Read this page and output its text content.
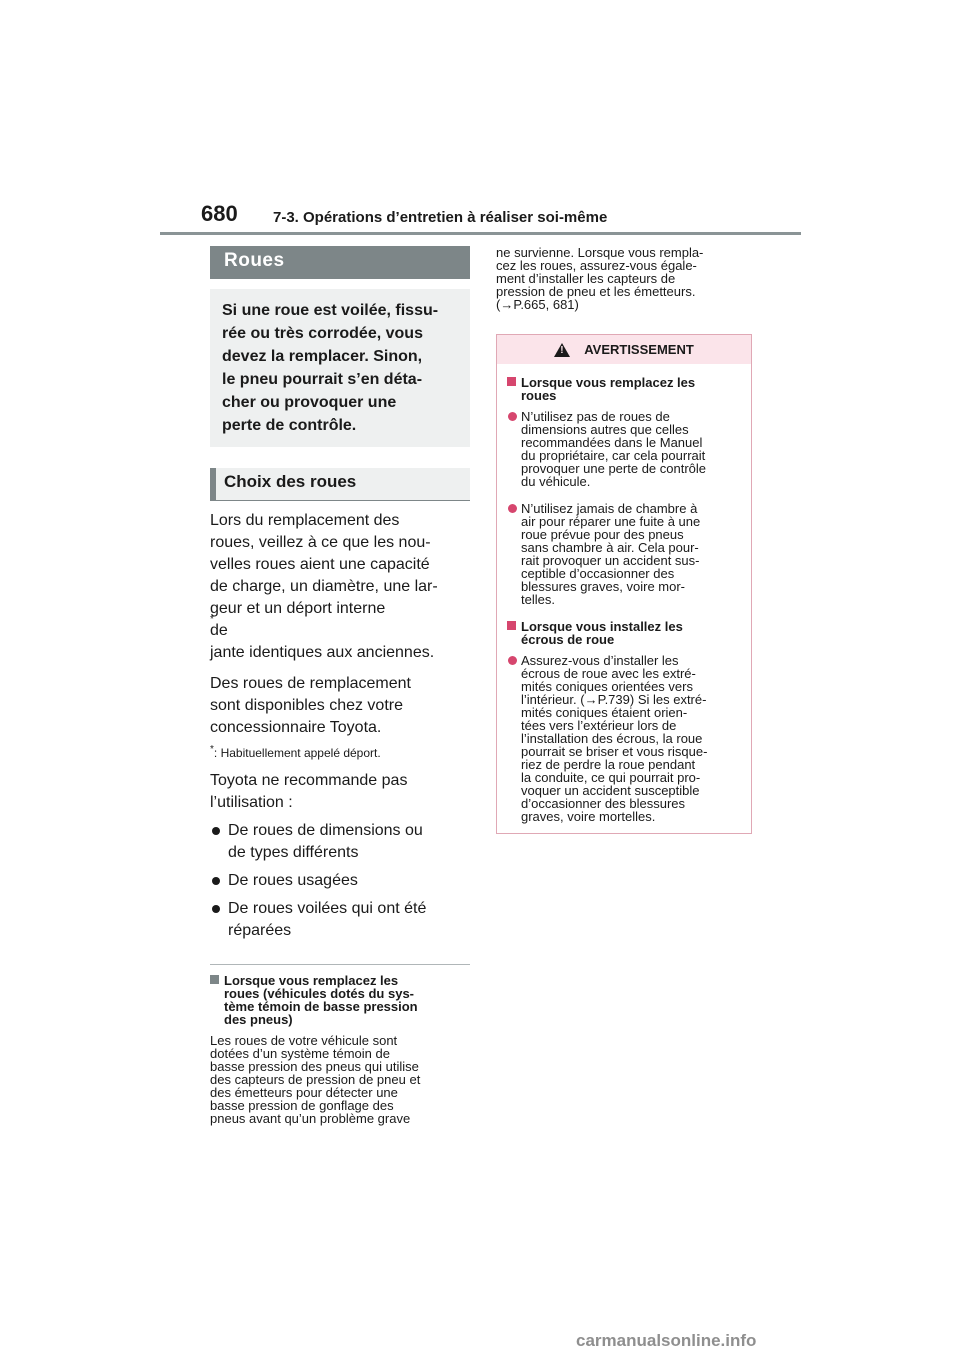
680 7-3. Opérations d’entretien à réaliser soi-même
Roues
Si une roue est voilée, fissu-
rée ou très corrodée, vous
devez la remplacer. Sinon,
le pneu pourrait s’en déta-
cher ou provoquer une
perte de contrôle.
Choix des roues
Lors du remplacement des
roues, veillez à ce que les nou-
velles roues aient une capacité
de charge, un diamètre, une lar-
geur et un déport interne
*
de
jante identiques aux anciennes.
Des roues de remplacement
sont disponibles chez votre
concessionnaire Toyota.
*: Habituellement appelé déport.
Toyota ne recommande pas
l’utilisation :
De roues de dimensions ou
de types différents
De roues usagées
De roues voilées qui ont été
réparées
Lorsque vous remplacez les
roues (véhicules dotés du sys-
tème témoin de basse pression
des pneus)
Les roues de votre véhicule sont
dotées d’un système témoin de
basse pression des pneus qui utilise
des capteurs de pression de pneu et
des émetteurs pour détecter une
basse pression de gonflage des
pneus avant qu’un problème grave
ne survienne. Lorsque vous rempla-
cez les roues, assurez-vous égale-
ment d’installer les capteurs de
pression de pneu et les émetteurs.
(→P.665, 681)
!
AVERTISSEMENT
Lorsque vous remplacez les
roues
N’utilisez pas de roues de
dimensions autres que celles
recommandées dans le Manuel
du propriétaire, car cela pourrait
provoquer une perte de contrôle
du véhicule.
N’utilisez jamais de chambre à
air pour réparer une fuite à une
roue prévue pour des pneus
sans chambre à air. Cela pour-
rait provoquer un accident sus-
ceptible d’occasionner des
blessures graves, voire mor-
telles.
Lorsque vous installez les
écrous de roue
Assurez-vous d’installer les
écrous de roue avec les extré-
mités coniques orientées vers
l’intérieur. (→P.739) Si les extré-
mités coniques étaient orien-
tées vers l’extérieur lors de
l’installation des écrous, la roue
pourrait se briser et vous risque-
riez de perdre la roue pendant
la conduite, ce qui pourrait pro-
voquer un accident susceptible
d’occasionner des blessures
graves, voire mortelles.
carmanualsonline.info
